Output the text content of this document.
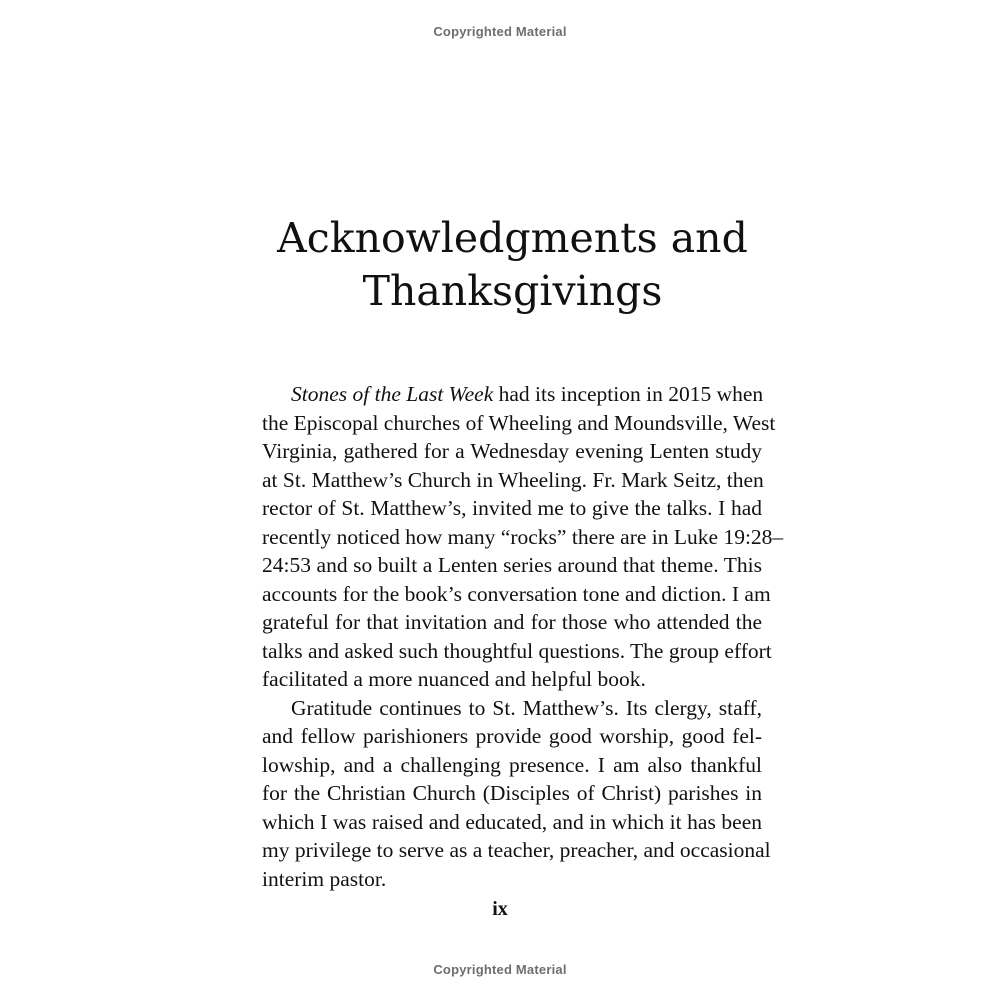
Copyrighted Material
Acknowledgments and
Thanksgivings
Stones of the Last Week had its inception in 2015 when
the Episcopal churches of Wheeling and Moundsville, West
Virginia, gathered for a Wednesday evening Lenten study
at St. Matthew’s Church in Wheeling. Fr. Mark Seitz, then
rector of St. Matthew’s, invited me to give the talks. I had
recently noticed how many “rocks” there are in Luke 19:28–
24:53 and so built a Lenten series around that theme. This
accounts for the book’s conversation tone and diction. I am
grateful for that invitation and for those who attended the
talks and asked such thoughtful questions. The group effort
facilitated a more nuanced and helpful book.
Gratitude continues to St. Matthew’s. Its clergy, staff,
and fellow parishioners provide good worship, good fel-
lowship, and a challenging presence. I am also thankful
for the Christian Church (Disciples of Christ) parishes in
which I was raised and educated, and in which it has been
my privilege to serve as a teacher, preacher, and occasional
interim pastor.
ix
Copyrighted Material
